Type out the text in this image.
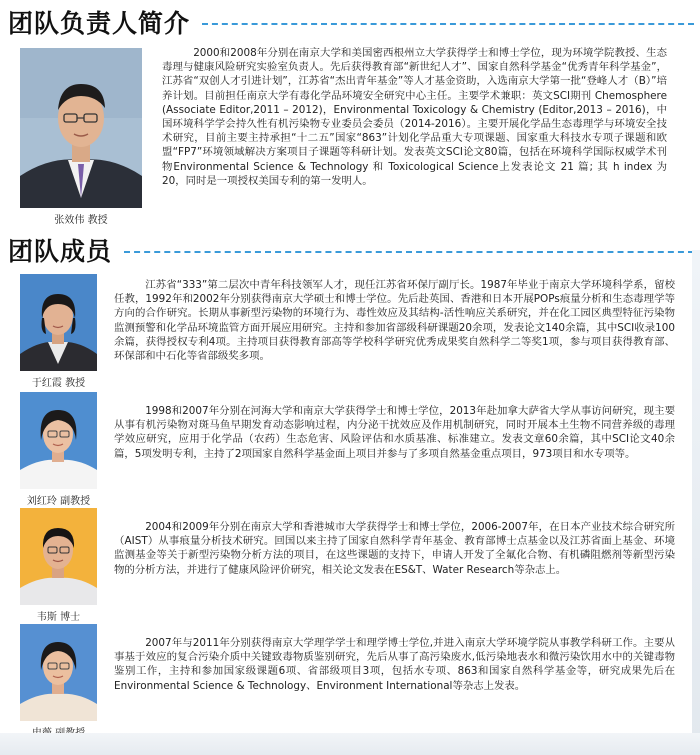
团队负责人简介
张效伟 教授
2000和2008年分别在南京大学和美国密西根州立大学获得学士和博士学位，现为环境学院教授、生态毒理与健康风险研究实验室负责人。先后获得教育部“新世纪人才”、国家自然科学基金“优秀青年科学基金”，江苏省“双创人才引进计划”，江苏省“杰出青年基金”等人才基金资助，入选南京大学第一批“登峰人才（B）”培养计划。目前担任南京大学有毒化学品环境安全研究中心主任。主要学术兼职：英文SCI期刊 Chemosphere (Associate Editor,2011 – 2012)，Environmental Toxicology & Chemistry (Editor,2013 – 2016)，中国环境科学学会持久性有机污染物专业委员会委员（2014-2016）。主要开展化学品生态毒理学与环境安全技术研究，目前主要主持承担“十二五”国家“863”计划化学品重大专项课题、国家重大科技水专项子课题和欧盟“FP7”环境领域解决方案项目子课题等科研计划。发表英文SCI论文80篇，包括在环境科学国际权威学术刊物Environmental Science & Technology 和 Toxicological Science上发表论文 21 篇; 其 h index 为 20，同时是一项授权美国专利的第一发明人。
团队成员
于红霞 教授
江苏省“333”第二层次中青年科技领军人才，现任江苏省环保厅副厅长。1987年毕业于南京大学环境科学系，留校任教，1992年和2002年分别获得南京大学硕士和博士学位。先后赴英国、香港和日本开展POPs痕量分析和生态毒理学等方向的合作研究。长期从事新型污染物的环境行为、毒性效应及其结构-活性响应关系研究，并在化工园区典型特征污染物监测预警和化学品环境监管方面开展应用研究。主持和参加省部级科研课题20余项，发表论文140余篇，其中SCI收录100余篇，获得授权专利4项。主持项目获得教育部高等学校科学研究优秀成果奖自然科学二等奖1项，参与项目获得教育部、环保部和中石化等省部级奖多项。
刘红玲 副教授
1998和2007年分别在河海大学和南京大学获得学士和博士学位，2013年赴加拿大萨省大学从事访问研究，现主要从事有机污染物对斑马鱼早期发育动态影响过程，内分泌干扰效应及作用机制研究，同时开展本土生物不同营养级的毒理学效应研究，应用于化学品（农药）生态危害、风险评估和水质基准、标准建立。发表文章60余篇，其中SCI论文40余篇，5项发明专利，主持了2项国家自然科学基金面上项目并参与了多项自然基金重点项目，973项目和水专项等。
韦斯 博士
2004和2009年分别在南京大学和香港城市大学获得学士和博士学位，2006-2007年，在日本产业技术综合研究所（AIST）从事痕量分析技术研究。回国以来主持了国家自然科学青年基金、教育部博士点基金以及江苏省面上基金、环境监测基金等关于新型污染物分析方法的项目，在这些课题的支持下，申请人开发了全氟化合物、有机磷阻燃剂等新型污染物的分析方法，并进行了健康风险评价研究，相关论文发表在ES&T、Water Research等杂志上。
2007年与2011年分别获得南京大学理学学士和理学博士学位,并进入南京大学环境学院从事教学科研工作。主要从事基于效应的复合污染介质中关键致毒物质鉴别研究，先后从事了高污染废水,低污染地表水和微污染饮用水中的关键毒物鉴别工作，主持和参加国家级课题6项、省部级项目3项，包括水专项、863和国家自然科学基金等，研究成果先后在Environmental Science & Technology、Environment International等杂志上发表。
